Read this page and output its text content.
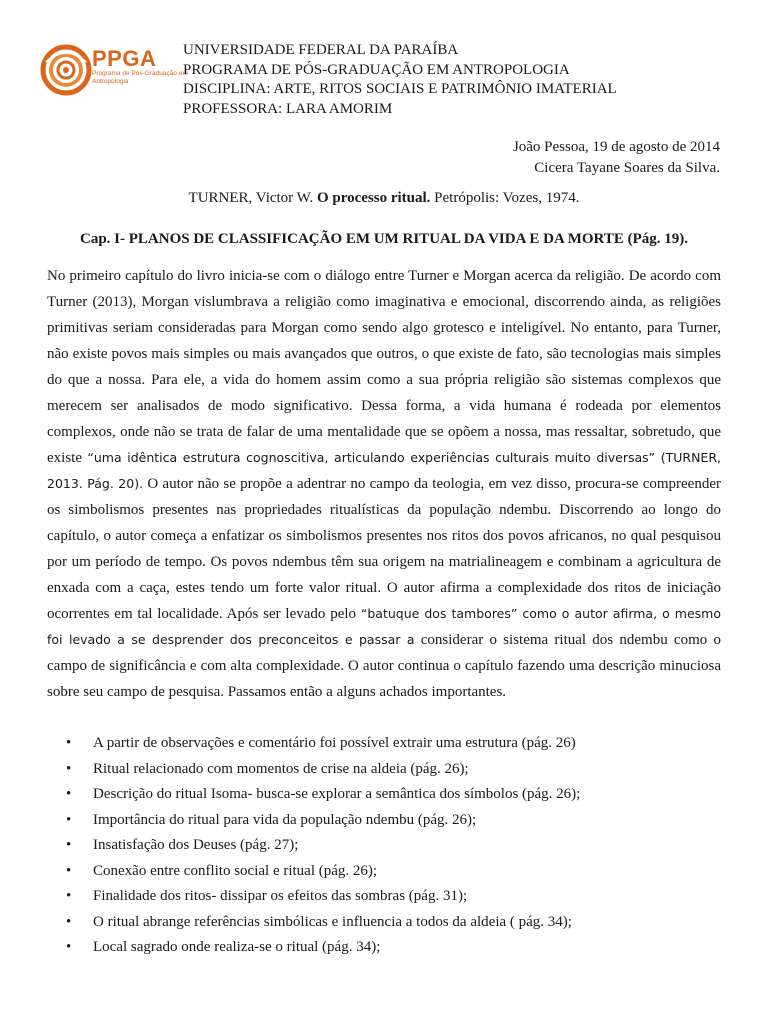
PPGA
Programa de Pós-Graduação em Antropologia
UNIVERSIDADE FEDERAL DA PARAÍBA
PROGRAMA DE PÓS-GRADUAÇÃO EM ANTROPOLOGIA
DISCIPLINA: ARTE, RITOS SOCIAIS E PATRIMÔNIO IMATERIAL
PROFESSORA: LARA AMORIM
João Pessoa, 19 de agosto de 2014
Cicera Tayane Soares da Silva.
TURNER, Victor W. O processo ritual. Petrópolis: Vozes, 1974.
Cap. I- PLANOS DE CLASSIFICAÇÃO EM UM RITUAL DA VIDA E DA MORTE (Pág. 19).
No primeiro capítulo do livro inicia-se com o diálogo entre Turner e Morgan acerca da religião. De acordo com Turner (2013), Morgan vislumbrava a religião como imaginativa e emocional, discorrendo ainda, as religiões primitivas seriam consideradas para Morgan como sendo algo grotesco e inteligível. No entanto, para Turner, não existe povos mais simples ou mais avançados que outros, o que existe de fato, são tecnologias mais simples do que a nossa. Para ele, a vida do homem assim como a sua própria religião são sistemas complexos que merecem ser analisados de modo significativo. Dessa forma, a vida humana é rodeada por elementos complexos, onde não se trata de falar de uma mentalidade que se opõem a nossa, mas ressaltar, sobretudo, que existe “uma idêntica estrutura cognoscitiva, articulando experiências culturais muito diversas” (TURNER, 2013. Pág. 20). O autor não se propõe a adentrar no campo da teologia, em vez disso, procura-se compreender os simbolismos presentes nas propriedades ritualísticas da população ndembu. Discorrendo ao longo do capítulo, o autor começa a enfatizar os simbolismos presentes nos ritos dos povos africanos, no qual pesquisou por um período de tempo. Os povos ndembus têm sua origem na matrialineagem e combinam a agricultura de enxada com a caça, estes tendo um forte valor ritual. O autor afirma a complexidade dos ritos de iniciação ocorrentes em tal localidade. Após ser levado pelo “batuque dos tambores” como o autor afirma, o mesmo foi levado a se desprender dos preconceitos e passar a considerar o sistema ritual dos ndembu como o campo de significância e com alta complexidade. O autor continua o capítulo fazendo uma descrição minuciosa sobre seu campo de pesquisa. Passamos então a alguns achados importantes.
• A partir de observações e comentário foi possível extrair uma estrutura (pág. 26)
• Ritual relacionado com momentos de crise na aldeia (pág. 26);
• Descrição do ritual Isoma- busca-se explorar a semântica dos símbolos (pág. 26);
• Importância do ritual para vida da população ndembu (pág. 26);
• Insatisfação dos Deuses (pág. 27);
• Conexão entre conflito social e ritual (pág. 26);
• Finalidade dos ritos- dissipar os efeitos das sombras (pág. 31);
• O ritual abrange referências simbólicas e influencia a todos da aldeia ( pág. 34);
• Local sagrado onde realiza-se o ritual (pág. 34);
